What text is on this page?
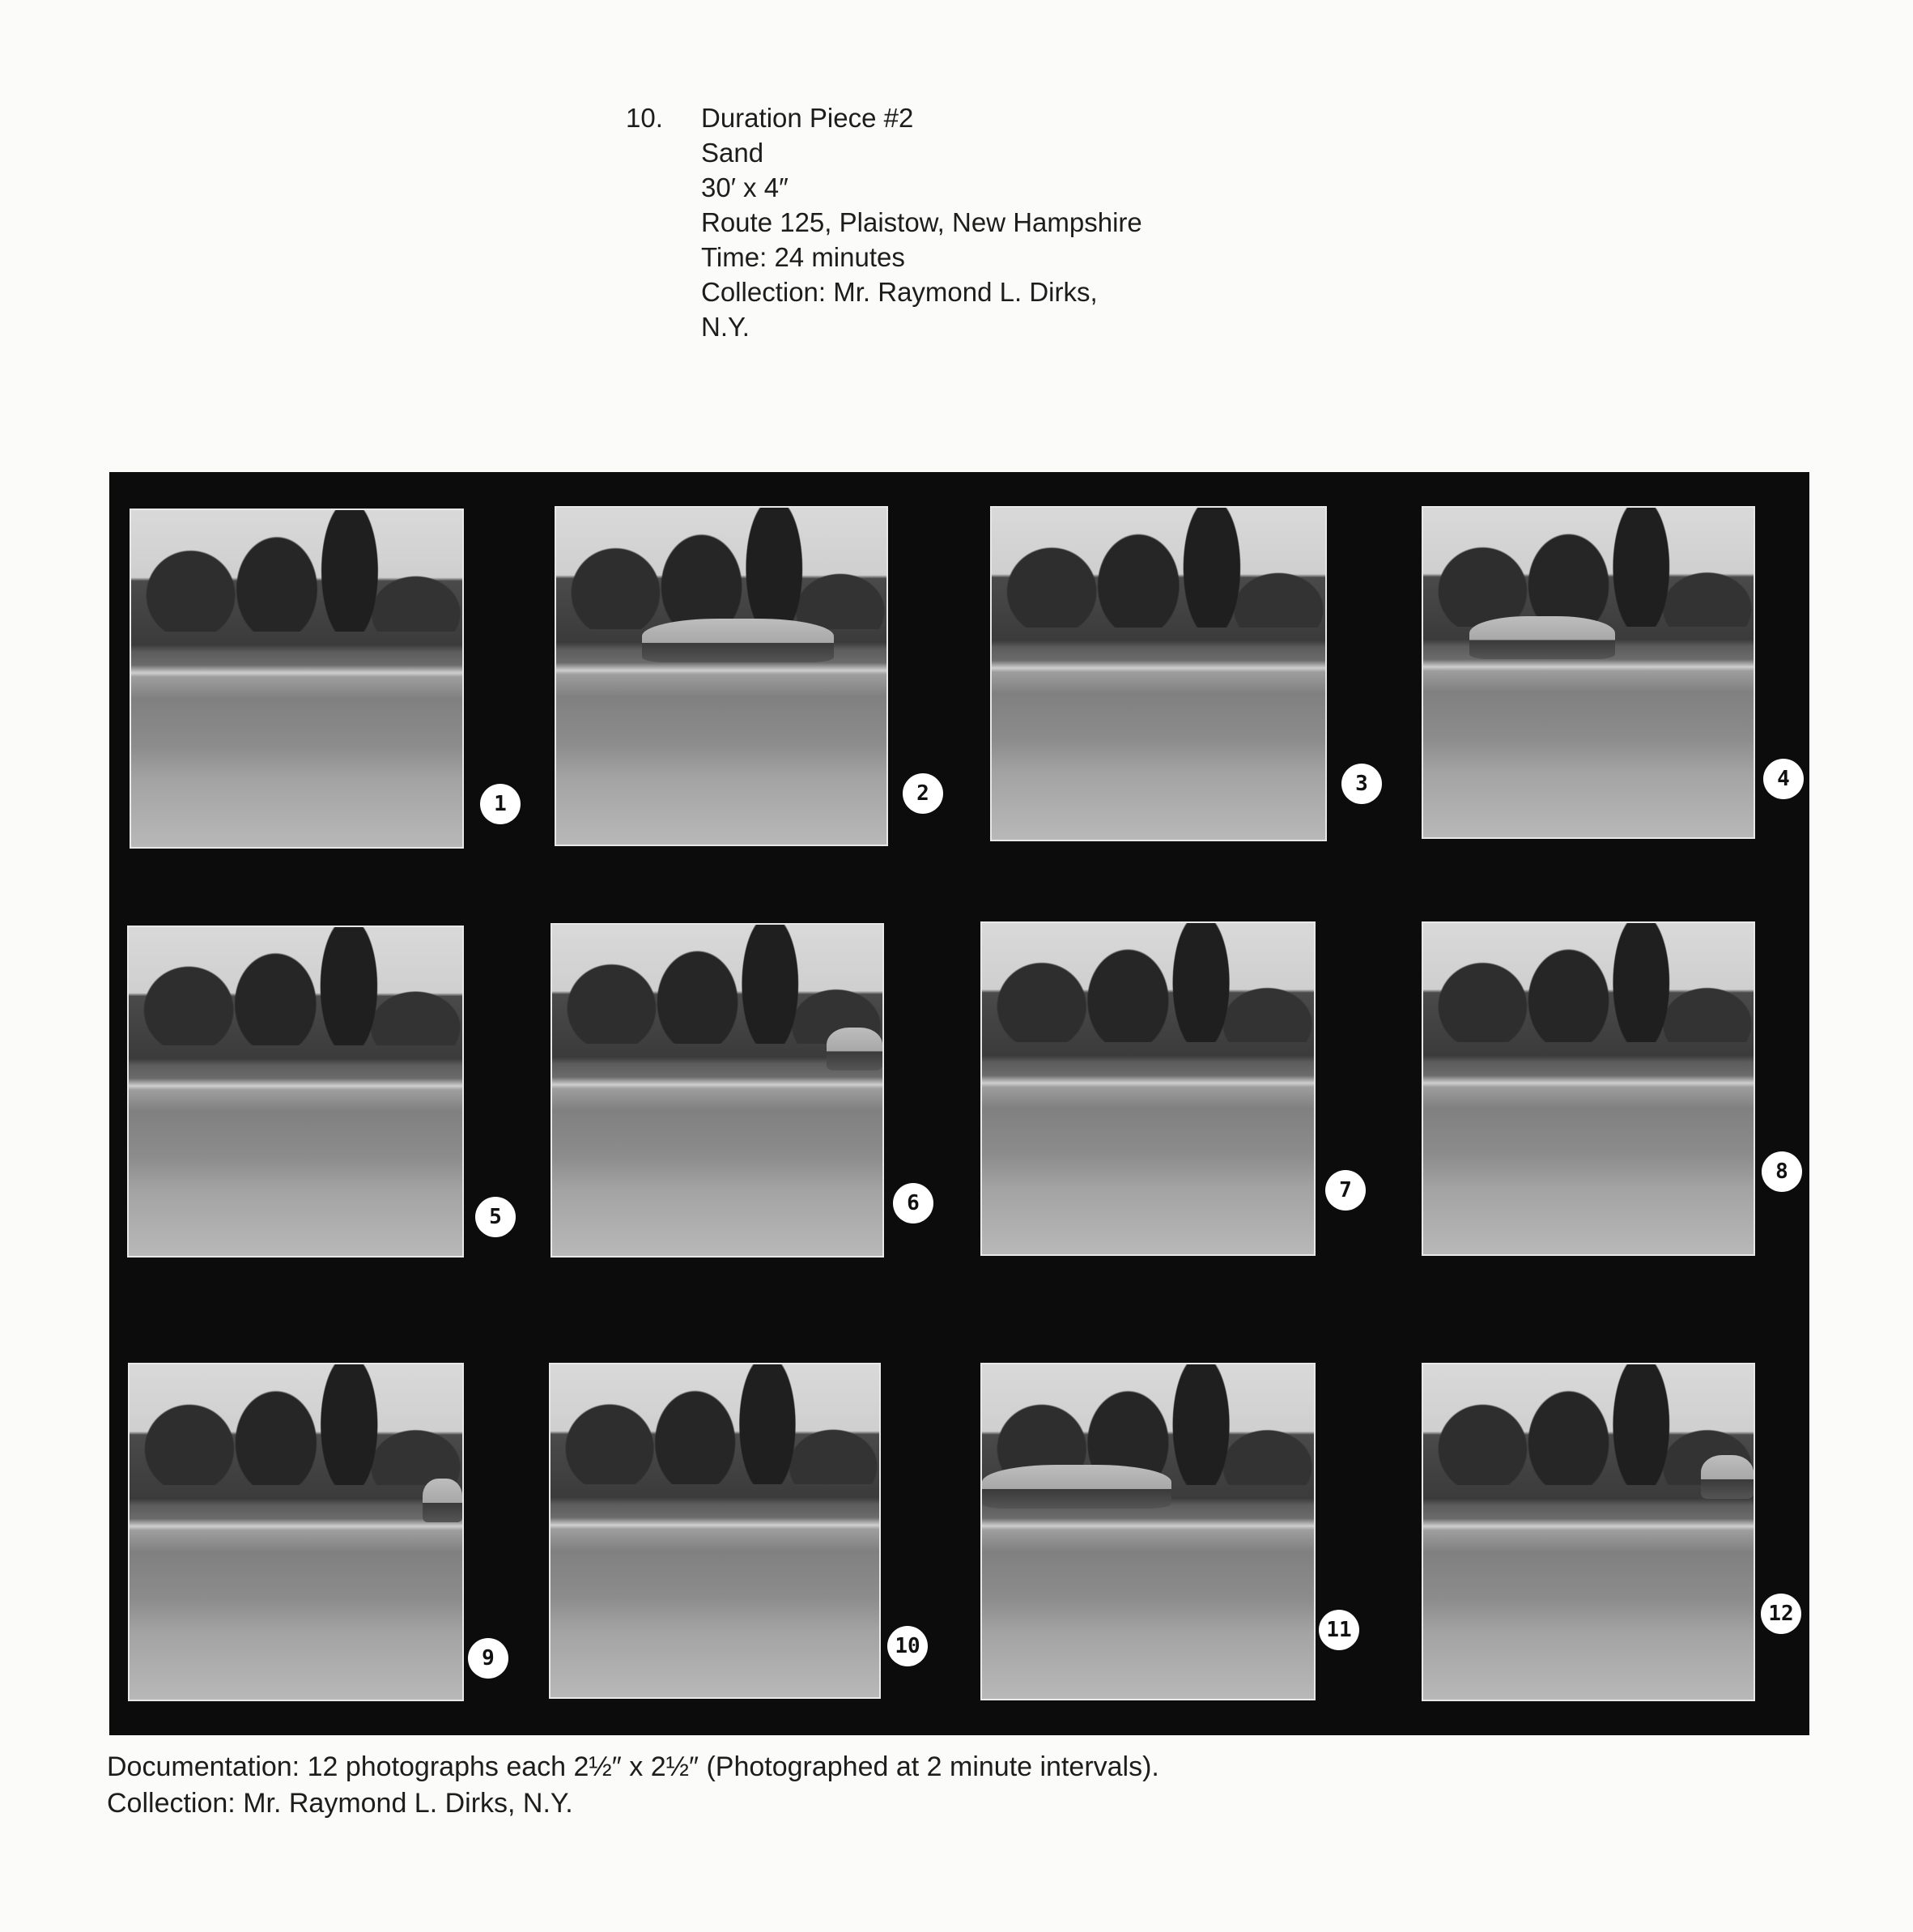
10.	Duration Piece #2
Sand
30′ x 4″
Route 125, Plaistow, New Hampshire
Time: 24 minutes
Collection: Mr. Raymond L. Dirks,
N.Y.
1	2	3	4
5
6
7
8
9	10
11
12
Documentation: 12 photographs each 2½″ x 2½″ (Photographed at 2 minute intervals).
Collection: Mr. Raymond L. Dirks, N.Y.
